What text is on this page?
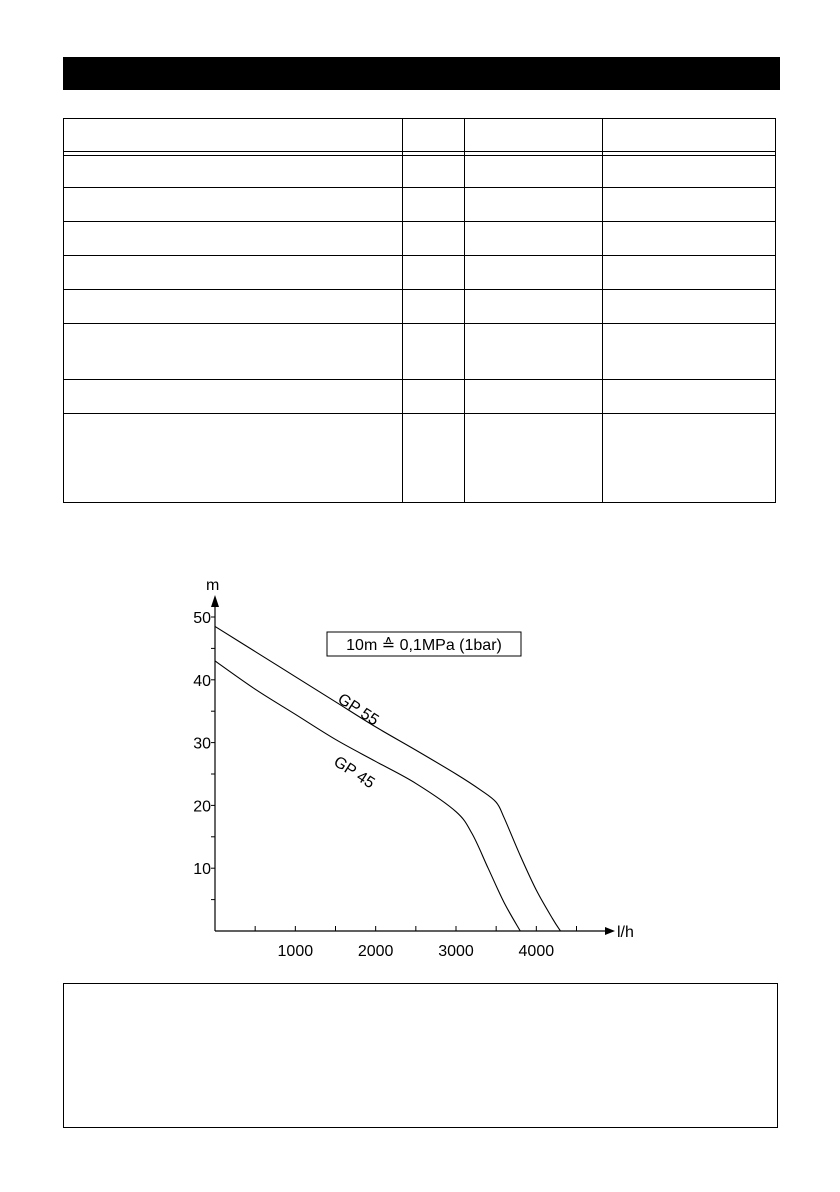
m
l/h
1000	2000	3000	4000
10
20
30
40
50
GP 55
GP 45
10m ≙ 0,1MPa (1bar)
